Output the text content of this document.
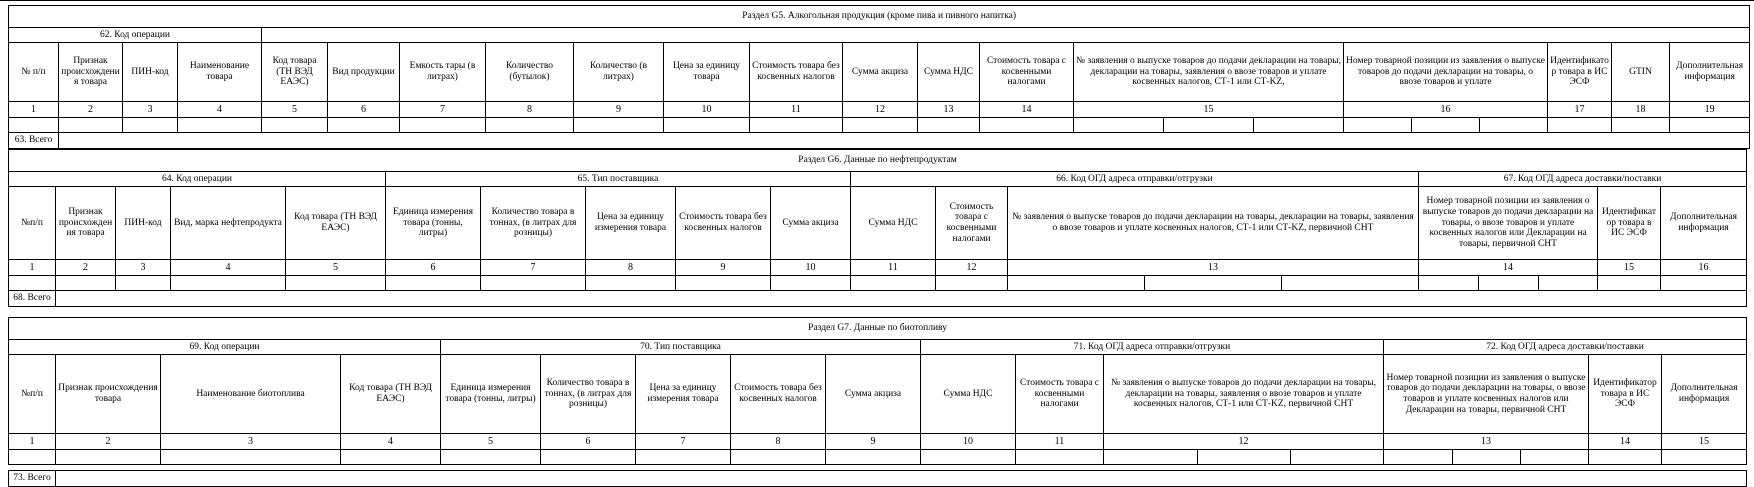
Раздел G5. Алкогольная продукция (кроме пива и пивного напитка)																						
62. Код операции																						
№ п/п	Признак происхождения товара	ПИН-код	Наименование товара	Код товара (ТН ВЭД ЕАЭС)	Вид продукции	Емкость тары (в литрах)	Количество (бутылок)	Количество (в литрах)	Цена за единицу товара	Стоимость товара без косвенных налогов	Сумма акциза	Сумма НДС	Стоимость товара с косвенными налогами	№ заявления о выпуске товаров до подачи декларации на товары, декларации на товары, заявления о ввозе товаров и уплате косвенных налогов, СТ-1 или СТ-KZ,			Номер товарной позиции из заявления о выпуске товаров до подачи декларации на товары, о ввозе товаров и уплате			Идентификатор товара в ИС ЭСФ	GTIN	Дополнительная информация
1	2	3	4	5	6	7	8	9	10	11	12	13	14	15			16			17	18	19

63. Всего																						
Раздел G6. Данные по нефтепродуктам																			
64. Код операции					65. Тип поставщика					66. Код ОГД адреса отправки/отгрузки					67. Код ОГД адреса доставки/поставки				
№п/п	Признак происхождения товара	ПИН-код	Вид, марка нефтепродукта	Код товара (ТН ВЭД ЕАЭС)	Единица измерения товара (тонны, литры)	Количество товара в тоннах, (в литрах для розницы)	Цена за единицу измерения товара	Стоимость товара без косвенных налогов	Сумма акциза	Сумма НДС	Стоимость товара с косвенными налогами	№ заявления о выпуске товаров до подачи декларации на товары, декларации на товары, заявления о ввозе товаров и уплате косвенных налогов, СТ-1 или СТ-KZ, первичной СНТ			Номер товарной позиции из заявления о выпуске товаров до подачи декларации на товары, о ввозе товаров и уплате косвенных налогов или Декларации на товары, первичной СНТ			Идентификатор товара в ИС ЭСФ	Дополнительная информация
1	2	3	4	5	6	7	8	9	10	11	12	13			14			15	16

68. Всего																			
Раздел G7. Данные по биотопливу																		
69. Код операции				70. Тип поставщика					71. Код ОГД адреса отправки/отгрузки					72. Код ОГД адреса доставки/поставки				
№п/п	Признак происхождения товара	Наименование биотоплива	Код товара (ТН ВЭД ЕАЭС)	Единица измерения товара (тонны, литры)	Количество товара в тоннах, (в литрах для розницы)	Цена за единицу измерения товара	Стоимость товара без косвенных налогов	Сумма акциза	Сумма НДС	Стоимость товара с косвенными налогами	№ заявления о выпуске товаров до подачи декларации на товары, декларации на товары, заявления о ввозе товаров и уплате косвенных налогов, СТ-1 или СТ-KZ, первичной СНТ			Номер товарной позиции из заявления о выпуске товаров до подачи декларации на товары, о ввозе товаров и уплате косвенных налогов или Декларации на товары, первичной СНТ			Идентификатор товара в ИС ЭСФ	Дополнительная информация
1	2	3	4	5	6	7	8	9	10	11	12			13			14	15

73. Всего	
